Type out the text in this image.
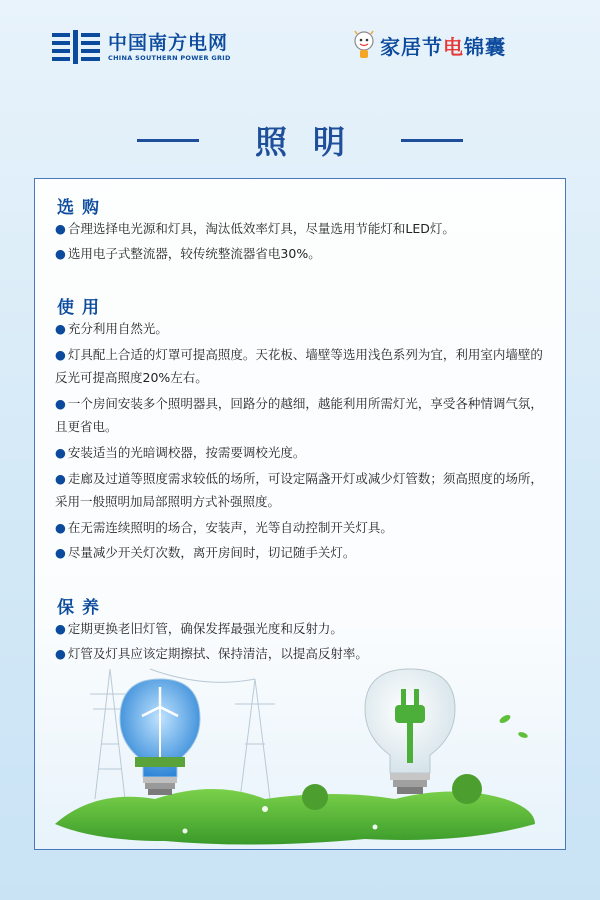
中国南方电网
CHINA SOUTHERN POWER GRID	家居节电锦囊
照明
选购
● 合理选择电光源和灯具，淘汰低效率灯具，尽量选用节能灯和LED灯。
● 选用电子式整流器，较传统整流器省电30%。
使用
● 充分利用自然光。
● 灯具配上合适的灯罩可提高照度。天花板、墙壁等选用浅色系列为宜，利用室内墙壁的反光可提高照度20%左右。
● 一个房间安装多个照明器具，回路分的越细，越能利用所需灯光，享受各种情调气氛，且更省电。
● 安装适当的光暗调校器，按需要调校光度。
● 走廊及过道等照度需求较低的场所，可设定隔盏开灯或减少灯管数；须高照度的场所，采用一般照明加局部照明方式补强照度。
● 在无需连续照明的场合，安装声，光等自动控制开关灯具。
● 尽量减少开关灯次数，离开房间时，切记随手关灯。
保养
● 定期更换老旧灯管，确保发挥最强光度和反射力。
● 灯管及灯具应该定期擦拭、保持清洁，以提高反射率。
